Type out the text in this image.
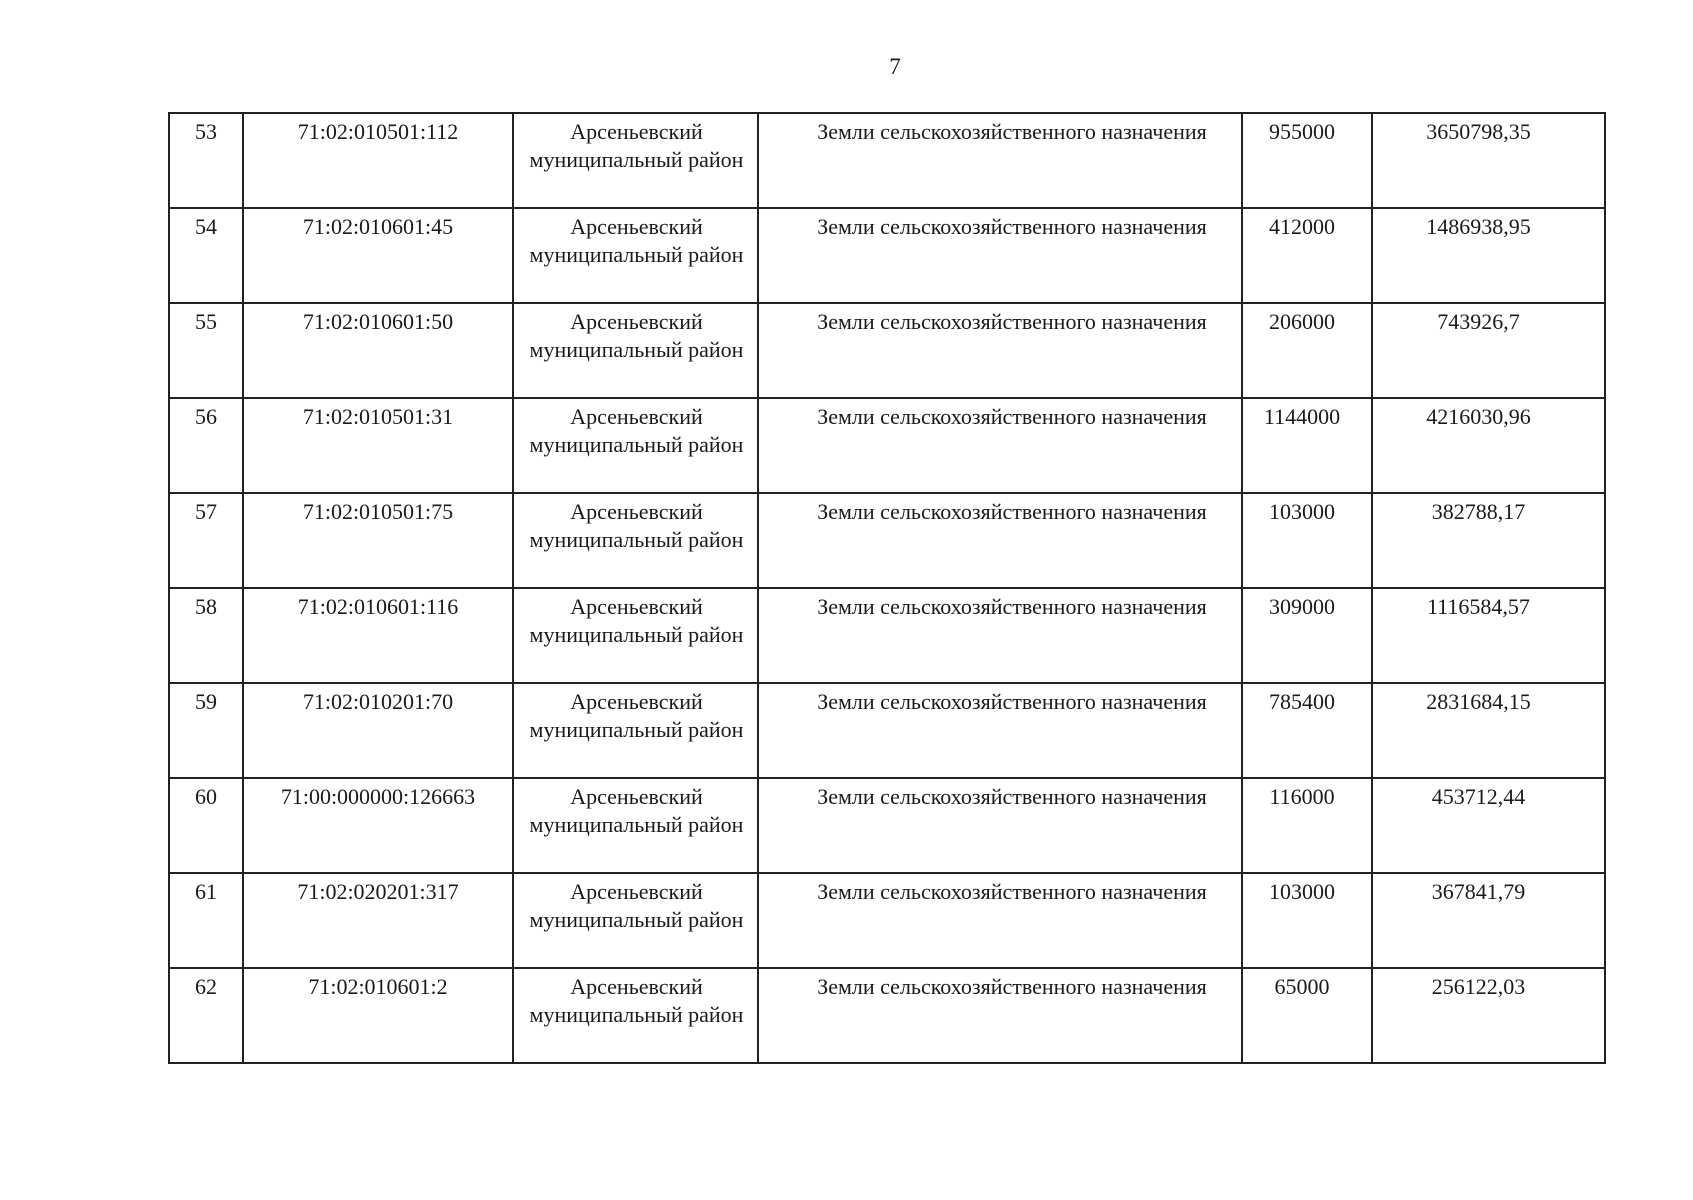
7
53	71:02:010501:112	Арсеньевский муниципальный район	Земли сельскохозяйственного назначения	955000	3650798,35

54	71:02:010601:45	Арсеньевский муниципальный район	Земли сельскохозяйственного назначения	412000	1486938,95

55	71:02:010601:50	Арсеньевский муниципальный район	Земли сельскохозяйственного назначения	206000	743926,7

56	71:02:010501:31	Арсеньевский муниципальный район	Земли сельскохозяйственного назначения	1144000	4216030,96

57	71:02:010501:75	Арсеньевский муниципальный район	Земли сельскохозяйственного назначения	103000	382788,17

58	71:02:010601:116	Арсеньевский муниципальный район	Земли сельскохозяйственного назначения	309000	1116584,57

59	71:02:010201:70	Арсеньевский муниципальный район	Земли сельскохозяйственного назначения	785400	2831684,15

60	71:00:000000:126663	Арсеньевский муниципальный район	Земли сельскохозяйственного назначения	116000	453712,44

61	71:02:020201:317	Арсеньевский муниципальный район	Земли сельскохозяйственного назначения	103000	367841,79

62	71:02:010601:2	Арсеньевский муниципальный район	Земли сельскохозяйственного назначения	65000	256122,03
